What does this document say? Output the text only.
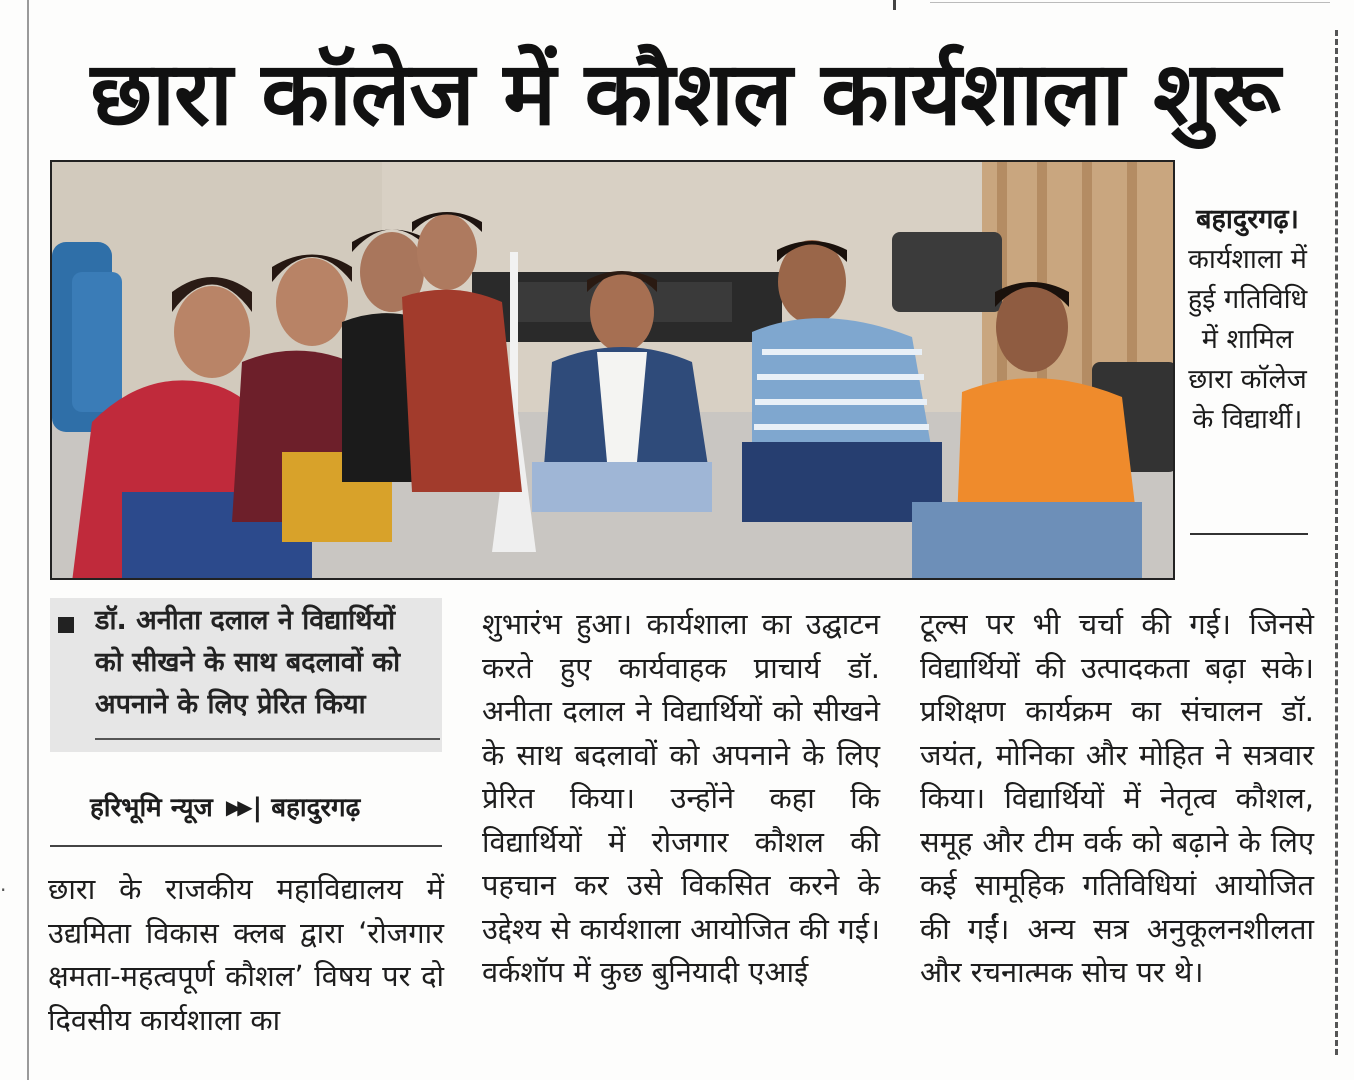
‧
छारा कॉलेज में कौशल कार्यशाला शुरू
बहादुरगढ़।
कार्यशाला में हुई गतिविधि में शामिल छारा कॉलेज के विद्यार्थी।
डॉ. अनीता दलाल ने विद्यार्थियों को सीखने के साथ बदलावों को अपनाने के लिए प्रेरित किया
हरिभूमि न्यूज ▶▶ | बहादुरगढ़

छारा के राजकीय महाविद्यालय में उद्यमिता विकास क्लब द्वारा ‘रोजगार क्षमता-महत्वपूर्ण कौशल’ विषय पर दो दिवसीय कार्यशाला का

शुभारंभ हुआ। कार्यशाला का उद्घाटन करते हुए कार्यवाहक प्राचार्य डॉ. अनीता दलाल ने विद्यार्थियों को सीखने के साथ बदलावों को अपनाने के लिए प्रेरित किया। उन्होंने कहा कि विद्यार्थियों में रोजगार कौशल की पहचान कर उसे विकसित करने के उद्देश्य से कार्यशाला आयोजित की गई। वर्कशॉप में कुछ बुनियादी एआई

टूल्स पर भी चर्चा की गई। जिनसे विद्यार्थियों की उत्पादकता बढ़ा सके। प्रशिक्षण कार्यक्रम का संचालन डॉ. जयंत, मोनिका और मोहित ने सत्रवार किया। विद्यार्थियों में नेतृत्व कौशल, समूह और टीम वर्क को बढ़ाने के लिए कई सामूहिक गतिविधियां आयोजित की गईं। अन्य सत्र अनुकूलनशीलता और रचनात्मक सोच पर थे।
